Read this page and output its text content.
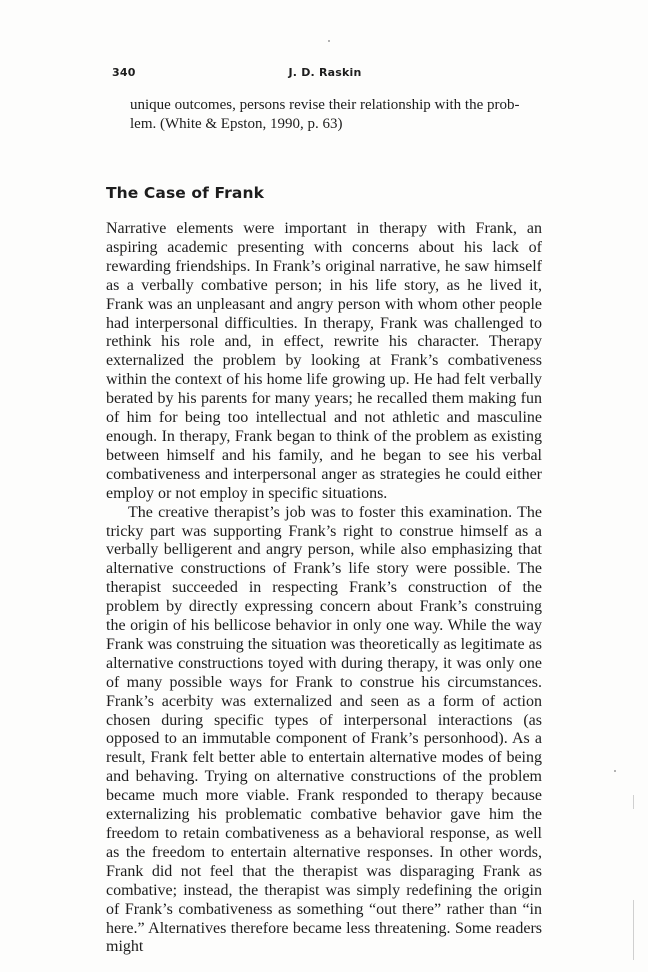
340	J. D. Raskin
unique outcomes, persons revise their relationship with the prob-
lem. (White & Epston, 1990, p. 63)
The Case of Frank

Narrative elements were important in therapy with Frank, an aspiring academic presenting with concerns about his lack of rewarding friendships. In Frank’s original narrative, he saw himself as a verbally combative person; in his life story, as he lived it, Frank was an unpleasant and angry person with whom other people had interpersonal difficulties. In therapy, Frank was challenged to rethink his role and, in effect, rewrite his character. Therapy externalized the problem by looking at Frank’s combativeness within the context of his home life growing up. He had felt verbally berated by his parents for many years; he recalled them making fun of him for being too intellectual and not athletic and masculine enough. In therapy, Frank began to think of the problem as existing between himself and his family, and he began to see his verbal combativeness and interpersonal anger as strategies he could either employ or not employ in specific situations.

The creative therapist’s job was to foster this examination. The tricky part was supporting Frank’s right to construe himself as a verbally belligerent and angry person, while also emphasizing that alternative constructions of Frank’s life story were possible. The therapist succeeded in respecting Frank’s construction of the problem by directly expressing concern about Frank’s construing the origin of his bellicose behavior in only one way. While the way Frank was construing the situation was theoretically as legitimate as alternative constructions toyed with during therapy, it was only one of many possible ways for Frank to construe his circumstances. Frank’s acerbity was externalized and seen as a form of action chosen during specific types of interpersonal interactions (as opposed to an immutable component of Frank’s personhood). As a result, Frank felt better able to entertain alternative modes of being and behaving. Trying on alternative constructions of the problem became much more viable. Frank responded to therapy because externalizing his problematic combative behavior gave him the freedom to retain combativeness as a behavioral response, as well as the freedom to entertain alternative responses. In other words, Frank did not feel that the therapist was disparaging Frank as combative; instead, the therapist was simply redefining the origin of Frank’s combativeness as something “out there” rather than “in here.” Alternatives therefore became less threatening. Some readers might
